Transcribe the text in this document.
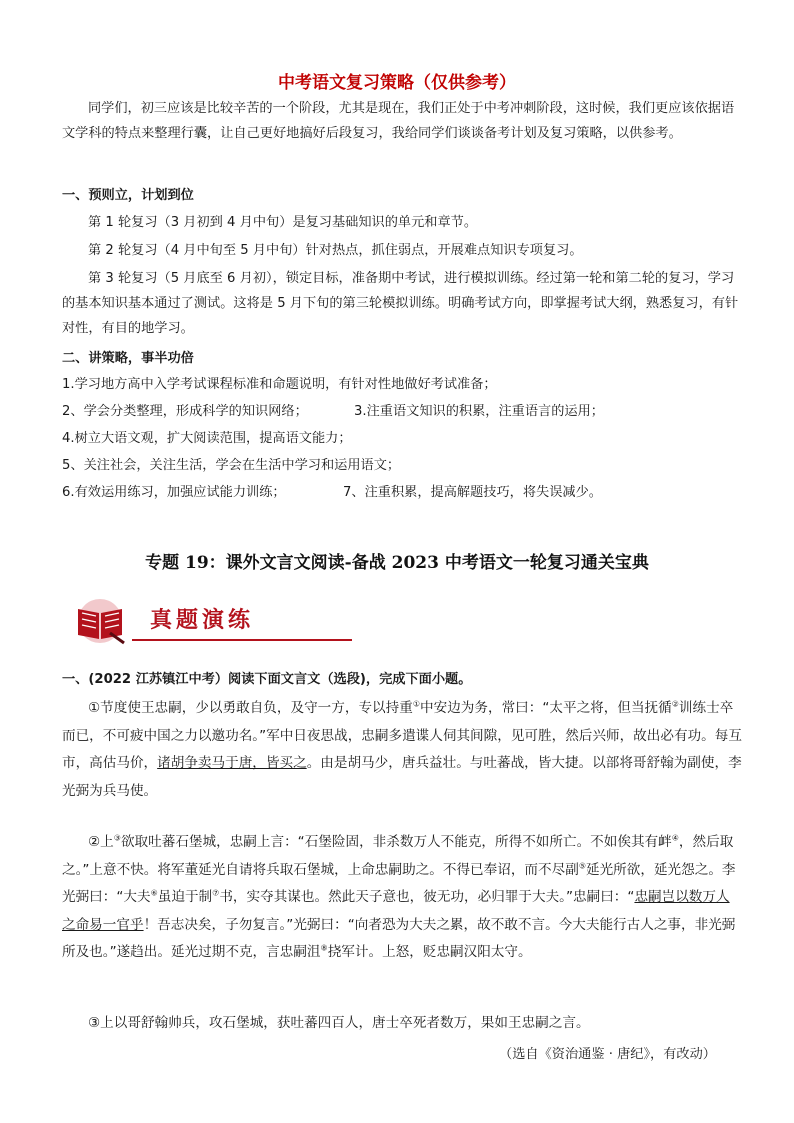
中考语文复习策略（仅供参考）
同学们，初三应该是比较辛苦的一个阶段，尤其是现在，我们正处于中考冲刺阶段，这时候，我们更应该依据语文学科的特点来整理行囊，让自己更好地搞好后段复习，我给同学们谈谈备考计划及复习策略，以供参考。
一、预则立，计划到位
第 1 轮复习（3 月初到 4 月中旬）是复习基础知识的单元和章节。
第 2 轮复习（4 月中旬至 5 月中旬）针对热点，抓住弱点，开展难点知识专项复习。
第 3 轮复习（5 月底至 6 月初），锁定目标，准备期中考试，进行模拟训练。经过第一轮和第二轮的复习，学习的基本知识基本通过了测试。这将是 5 月下旬的第三轮模拟训练。明确考试方向，即掌握考试大纲，熟悉复习，有针对性，有目的地学习。
二、讲策略，事半功倍
1.学习地方高中入学考试课程标准和命题说明，有针对性地做好考试准备；
2、学会分类整理，形成科学的知识网络；	3.注重语文知识的积累，注重语言的运用；
4.树立大语文观，扩大阅读范围，提高语文能力；
5、关注社会，关注生活，学会在生活中学习和运用语文；
6.有效运用练习，加强应试能力训练；	7、注重积累，提高解题技巧，将失误减少。
专题 19：课外文言文阅读-备战 2023 中考语文一轮复习通关宝典
真题演练
一、(2022 江苏镇江中考）阅读下面文言文（选段)，完成下面小题。
①节度使王忠嗣，少以勇敢自负，及守一方，专以持重①中安边为务，常曰：“太平之将，但当抚循②训练士卒而已，不可疲中国之力以邀功名。”军中日夜思战，忠嗣多遣谍人伺其间隙，见可胜，然后兴师，故出必有功。每互市，高估马价，诸胡争卖马于唐，皆买之。由是胡马少，唐兵益壮。与吐蕃战，皆大捷。以部将哥舒翰为副使，李光弼为兵马使。
②上③欲取吐蕃石堡城，忠嗣上言：“石堡险固，非杀数万人不能克，所得不如所亡。不如俟其有衅④，然后取之。”上意不快。将军董延光自请将兵取石堡城，上命忠嗣助之。不得已奉诏，而不尽副⑤延光所欲，延光怨之。李光弼曰：“大夫⑥虽迫于制⑦书，实夺其谋也。然此天子意也，彼无功，必归罪于大夫。”忠嗣曰：“忠嗣岂以数万人之命易一官乎！吾志决矣，子勿复言。”光弼曰：“向者恐为大夫之累，故不敢不言。今大夫能行古人之事，非光弼所及也。”遂趋出。延光过期不克，言忠嗣沮⑧挠军计。上怒，贬忠嗣汉阳太守。
③上以哥舒翰帅兵，攻石堡城，获吐蕃四百人，唐士卒死者数万，果如王忠嗣之言。
（选自《资治通鉴 · 唐纪》，有改动）
